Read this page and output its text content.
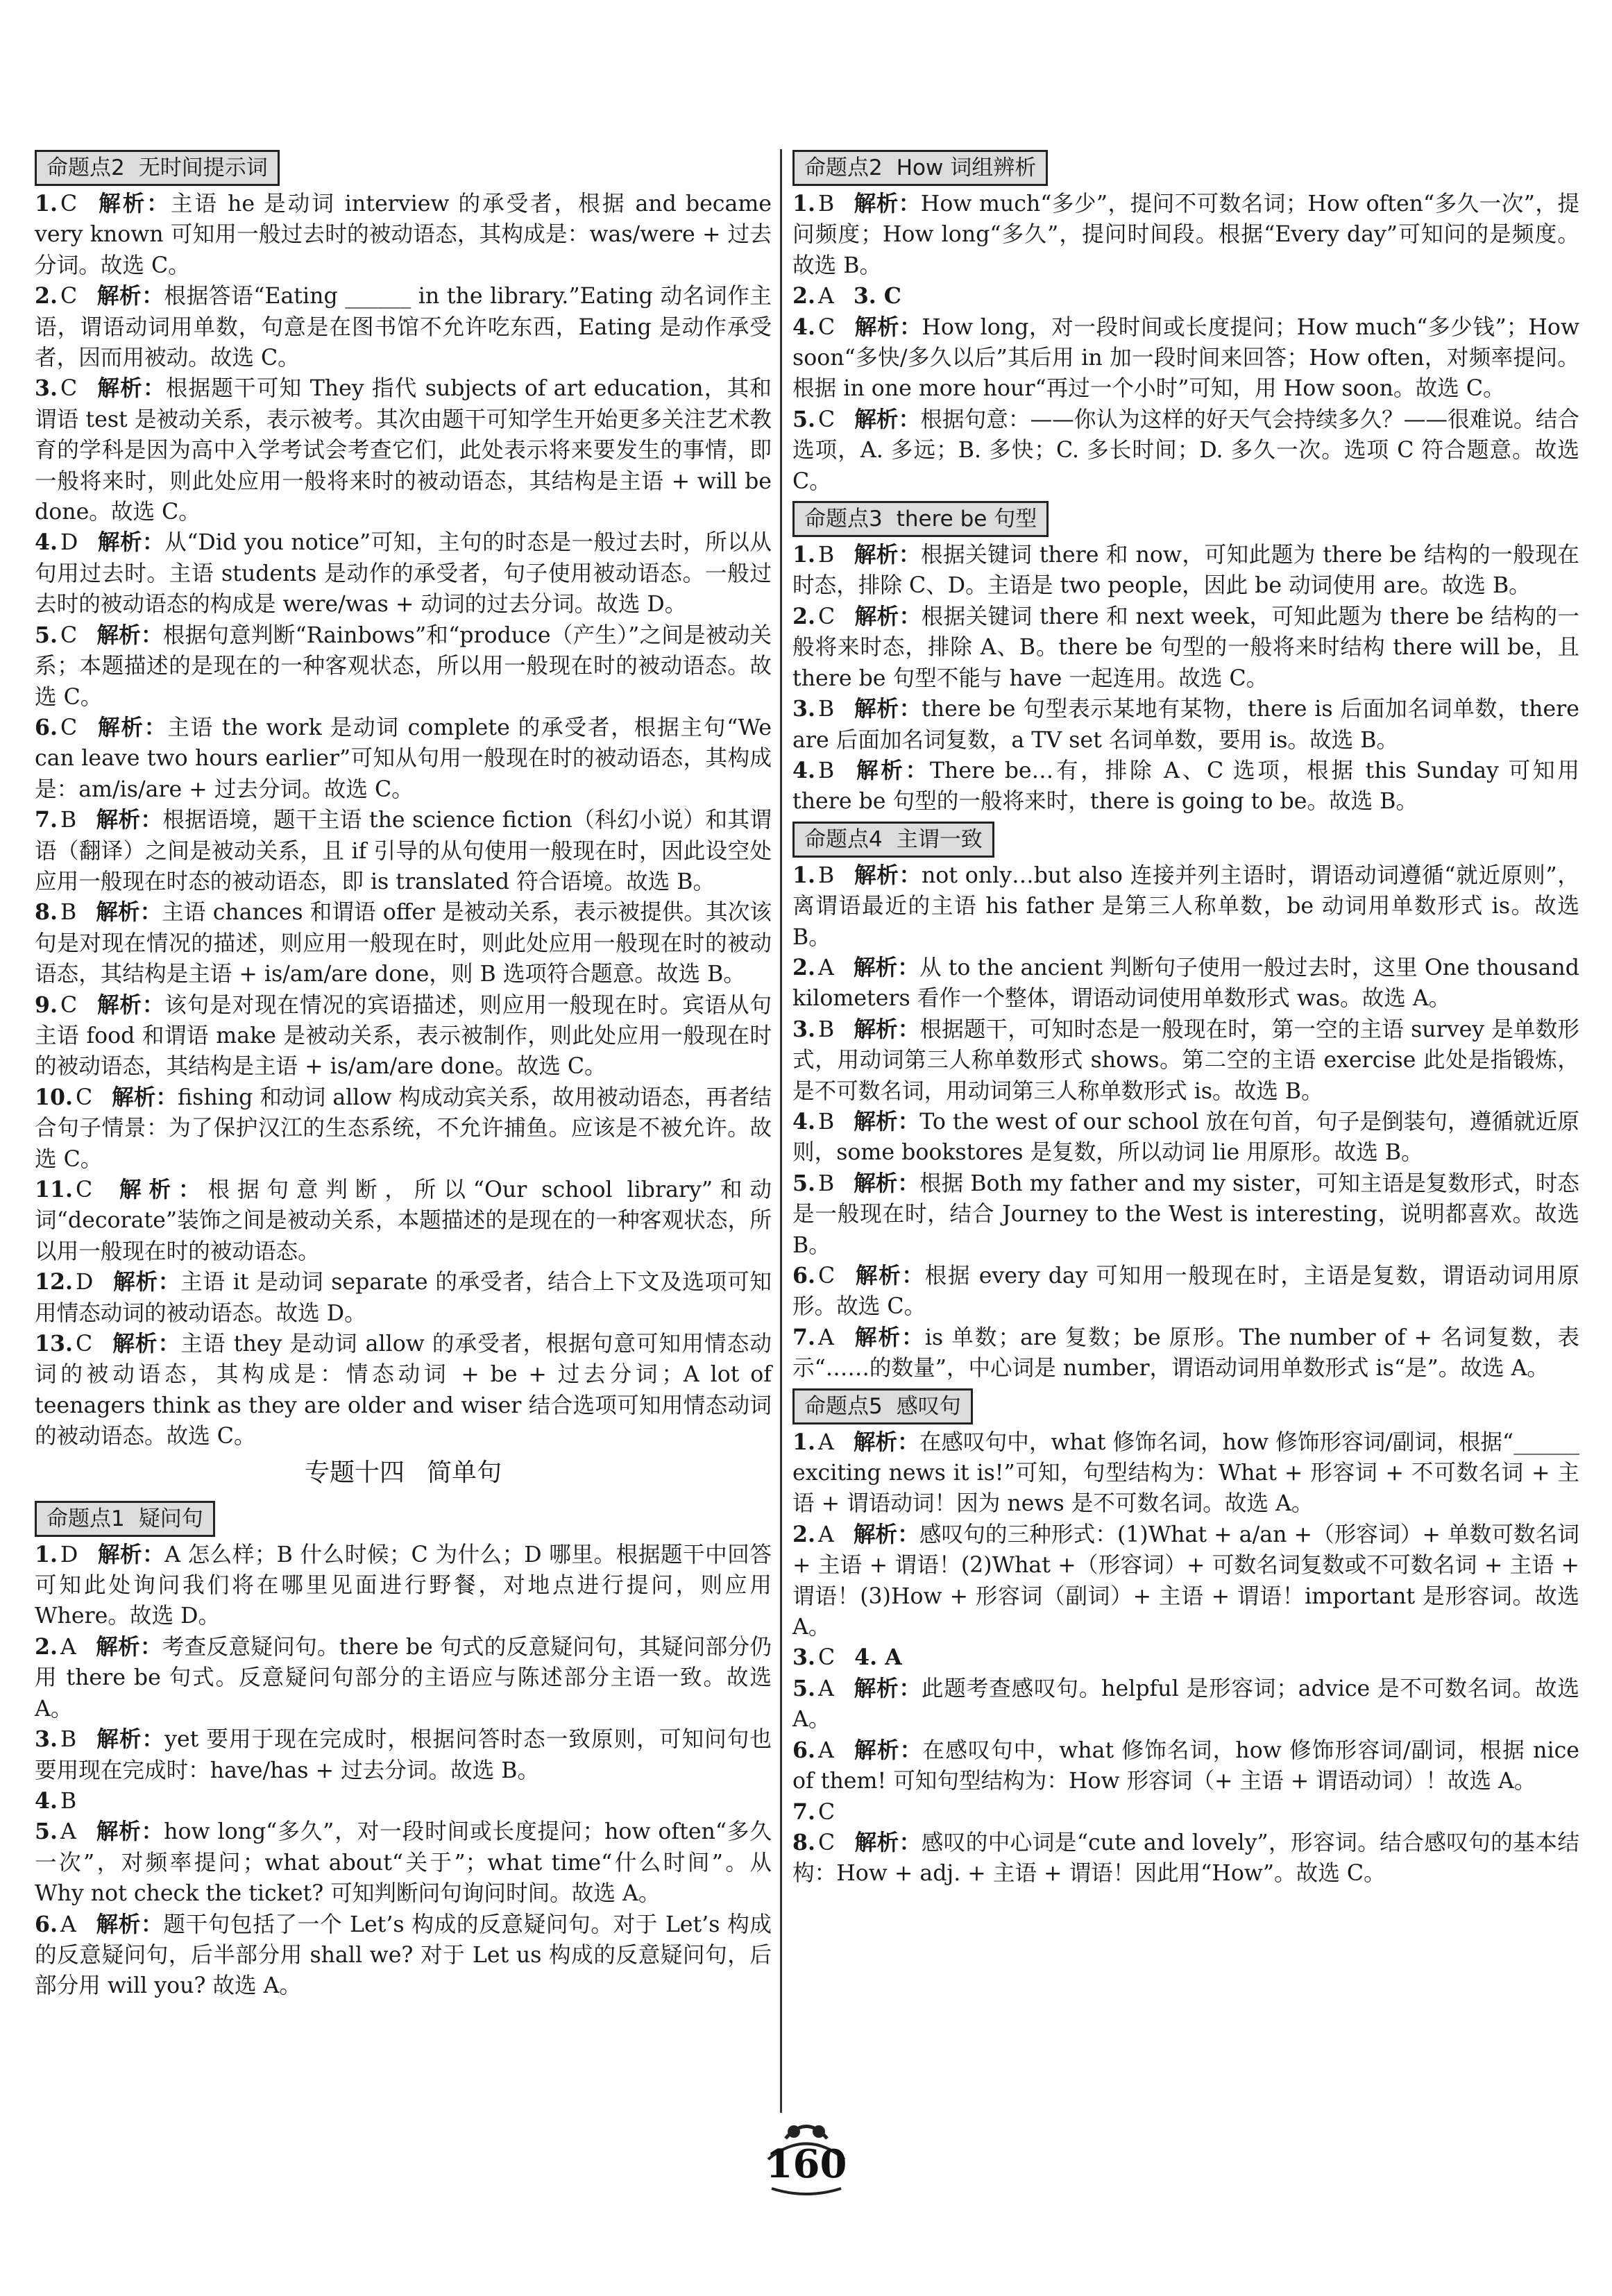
命题点2 无时间提示词
1. C 解析：主语 he 是动词 interview 的承受者，根据 and became very known 可知用一般过去时的被动语态，其构成是：was/were + 过去分词。故选 C。
2. C 解析：根据答语“Eating ______ in the library.”Eating 动名词作主语，谓语动词用单数，句意是在图书馆不允许吃东西，Eating 是动作承受者，因而用被动。故选 C。
3. C 解析：根据题干可知 They 指代 subjects of art education，其和谓语 test 是被动关系，表示被考。其次由题干可知学生开始更多关注艺术教育的学科是因为高中入学考试会考查它们，此处表示将来要发生的事情，即一般将来时，则此处应用一般将来时的被动语态，其结构是主语 + will be done。故选 C。
4. D 解析：从“Did you notice”可知，主句的时态是一般过去时，所以从句用过去时。主语 students 是动作的承受者，句子使用被动语态。一般过去时的被动语态的构成是 were/was + 动词的过去分词。故选 D。
5. C 解析：根据句意判断“Rainbows”和“produce（产生）”之间是被动关系；本题描述的是现在的一种客观状态，所以用一般现在时的被动语态。故选 C。
6. C 解析：主语 the work 是动词 complete 的承受者，根据主句“We can leave two hours earlier”可知从句用一般现在时的被动语态，其构成是：am/is/are + 过去分词。故选 C。
7. B 解析：根据语境，题干主语 the science fiction（科幻小说）和其谓语（翻译）之间是被动关系，且 if 引导的从句使用一般现在时，因此设空处应用一般现在时态的被动语态，即 is translated 符合语境。故选 B。
8. B 解析：主语 chances 和谓语 offer 是被动关系，表示被提供。其次该句是对现在情况的描述，则应用一般现在时，则此处应用一般现在时的被动语态，其结构是主语 + is/am/are done，则 B 选项符合题意。故选 B。
9. C 解析：该句是对现在情况的宾语描述，则应用一般现在时。宾语从句主语 food 和谓语 make 是被动关系，表示被制作，则此处应用一般现在时的被动语态，其结构是主语 + is/am/are done。故选 C。
10. C 解析：fishing 和动词 allow 构成动宾关系，故用被动语态，再者结合句子情景：为了保护汉江的生态系统，不允许捕鱼。应该是不被允许。故选 C。
11. C 解析：根据句意判断，所以“Our school library”和动词“decorate”装饰之间是被动关系，本题描述的是现在的一种客观状态，所以用一般现在时的被动语态。
12. D 解析：主语 it 是动词 separate 的承受者，结合上下文及选项可知用情态动词的被动语态。故选 D。
13. C 解析：主语 they 是动词 allow 的承受者，根据句意可知用情态动词的被动语态，其构成是：情态动词 + be + 过去分词；A lot of teenagers think as they are older and wiser 结合选项可知用情态动词的被动语态。故选 C。
专题十四 简单句
命题点1 疑问句
1. D 解析：A 怎么样；B 什么时候；C 为什么；D 哪里。根据题干中回答可知此处询问我们将在哪里见面进行野餐，对地点进行提问，则应用 Where。故选 D。
2. A 解析：考查反意疑问句。there be 句式的反意疑问句，其疑问部分仍用 there be 句式。反意疑问句部分的主语应与陈述部分主语一致。故选 A。
3. B 解析：yet 要用于现在完成时，根据问答时态一致原则，可知问句也要用现在完成时：have/has + 过去分词。故选 B。
4. B
5. A 解析：how long“多久”，对一段时间或长度提问；how often“多久一次”，对频率提问；what about“关于”；what time“什么时间”。从 Why not check the ticket? 可知判断问句询问时间。故选 A。
6. A 解析：题干句包括了一个 Let’s 构成的反意疑问句。对于 Let’s 构成的反意疑问句，后半部分用 shall we? 对于 Let us 构成的反意疑问句，后部分用 will you? 故选 A。
命题点2 How 词组辨析
1. B 解析：How much“多少”，提问不可数名词；How often“多久一次”，提问频度；How long“多久”，提问时间段。根据“Every day”可知问的是频度。故选 B。
2. A 3. C
4. C 解析：How long，对一段时间或长度提问；How much“多少钱”；How soon“多快/多久以后”其后用 in 加一段时间来回答；How often，对频率提问。根据 in one more hour“再过一个小时”可知，用 How soon。故选 C。
5. C 解析：根据句意：——你认为这样的好天气会持续多久？——很难说。结合选项，A. 多远；B. 多快；C. 多长时间；D. 多久一次。选项 C 符合题意。故选 C。
命题点3 there be 句型
1. B 解析：根据关键词 there 和 now，可知此题为 there be 结构的一般现在时态，排除 C、D。主语是 two people，因此 be 动词使用 are。故选 B。
2. C 解析：根据关键词 there 和 next week，可知此题为 there be 结构的一般将来时态，排除 A、B。there be 句型的一般将来时结构 there will be，且 there be 句型不能与 have 一起连用。故选 C。
3. B 解析：there be 句型表示某地有某物，there is 后面加名词单数，there are 后面加名词复数，a TV set 名词单数，要用 is。故选 B。
4. B 解析：There be…有，排除 A、C 选项，根据 this Sunday 可知用 there be 句型的一般将来时，there is going to be。故选 B。
命题点4 主谓一致
1. B 解析：not only…but also 连接并列主语时，谓语动词遵循“就近原则”，离谓语最近的主语 his father 是第三人称单数，be 动词用单数形式 is。故选 B。
2. A 解析：从 to the ancient 判断句子使用一般过去时，这里 One thousand kilometers 看作一个整体，谓语动词使用单数形式 was。故选 A。
3. B 解析：根据题干，可知时态是一般现在时，第一空的主语 survey 是单数形式，用动词第三人称单数形式 shows。第二空的主语 exercise 此处是指锻炼，是不可数名词，用动词第三人称单数形式 is。故选 B。
4. B 解析：To the west of our school 放在句首，句子是倒装句，遵循就近原则，some bookstores 是复数，所以动词 lie 用原形。故选 B。
5. B 解析：根据 Both my father and my sister，可知主语是复数形式，时态是一般现在时，结合 Journey to the West is interesting，说明都喜欢。故选 B。
6. C 解析：根据 every day 可知用一般现在时，主语是复数，谓语动词用原形。故选 C。
7. A 解析：is 单数；are 复数；be 原形。The number of + 名词复数，表示“……的数量”，中心词是 number，谓语动词用单数形式 is“是”。故选 A。
命题点5 感叹句
1. A 解析：在感叹句中，what 修饰名词，how 修饰形容词/副词，根据“______ exciting news it is!”可知，句型结构为：What + 形容词 + 不可数名词 + 主语 + 谓语动词！因为 news 是不可数名词。故选 A。
2. A 解析：感叹句的三种形式：(1)What + a/an +（形容词）+ 单数可数名词 + 主语 + 谓语！(2)What +（形容词）+ 可数名词复数或不可数名词 + 主语 + 谓语！(3)How + 形容词（副词）+ 主语 + 谓语！important 是形容词。故选 A。
3. C 4. A
5. A 解析：此题考查感叹句。helpful 是形容词；advice 是不可数名词。故选 A。
6. A 解析：在感叹句中，what 修饰名词，how 修饰形容词/副词，根据 nice of them! 可知句型结构为：How 形容词（+ 主语 + 谓语动词）！故选 A。
7. C
8. C 解析：感叹的中心词是“cute and lovely”，形容词。结合感叹句的基本结构：How + adj. + 主语 + 谓语！因此用“How”。故选 C。
160
